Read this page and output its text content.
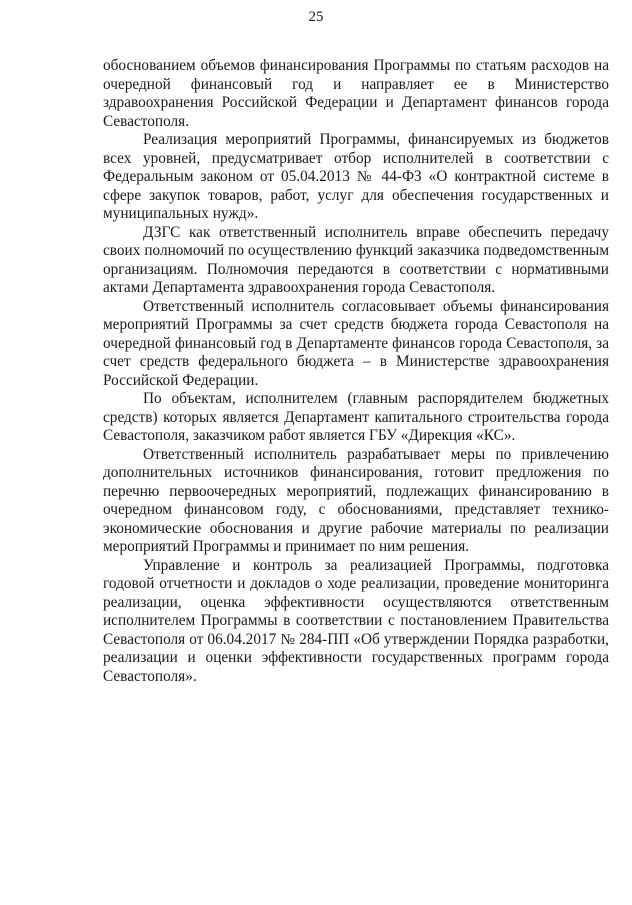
25

обоснованием объемов финансирования Программы по статьям расходов на очередной финансовый год и направляет ее в Министерство здравоохранения Российской Федерации и Департамент финансов города Севастополя.

Реализация мероприятий Программы, финансируемых из бюджетов всех уровней, предусматривает отбор исполнителей в соответствии с Федеральным законом от 05.04.2013 № 44-ФЗ «О контрактной системе в сфере закупок товаров, работ, услуг для обеспечения государственных и муниципальных нужд».

ДЗГС как ответственный исполнитель вправе обеспечить передачу своих полномочий по осуществлению функций заказчика подведомственным организациям. Полномочия передаются в соответствии с нормативными актами Департамента здравоохранения города Севастополя.

Ответственный исполнитель согласовывает объемы финансирования мероприятий Программы за счет средств бюджета города Севастополя на очередной финансовый год в Департаменте финансов города Севастополя, за счет средств федерального бюджета – в Министерстве здравоохранения Российской Федерации.

По объектам, исполнителем (главным распорядителем бюджетных средств) которых является Департамент капитального строительства города Севастополя, заказчиком работ является ГБУ «Дирекция «КС».

Ответственный исполнитель разрабатывает меры по привлечению дополнительных источников финансирования, готовит предложения по перечню первоочередных мероприятий, подлежащих финансированию в очередном финансовом году, с обоснованиями, представляет технико-экономические обоснования и другие рабочие материалы по реализации мероприятий Программы и принимает по ним решения.

Управление и контроль за реализацией Программы, подготовка годовой отчетности и докладов о ходе реализации, проведение мониторинга реализации, оценка эффективности осуществляются ответственным исполнителем Программы в соответствии с постановлением Правительства Севастополя от 06.04.2017 № 284-ПП «Об утверждении Порядка разработки, реализации и оценки эффективности государственных программ города Севастополя».
